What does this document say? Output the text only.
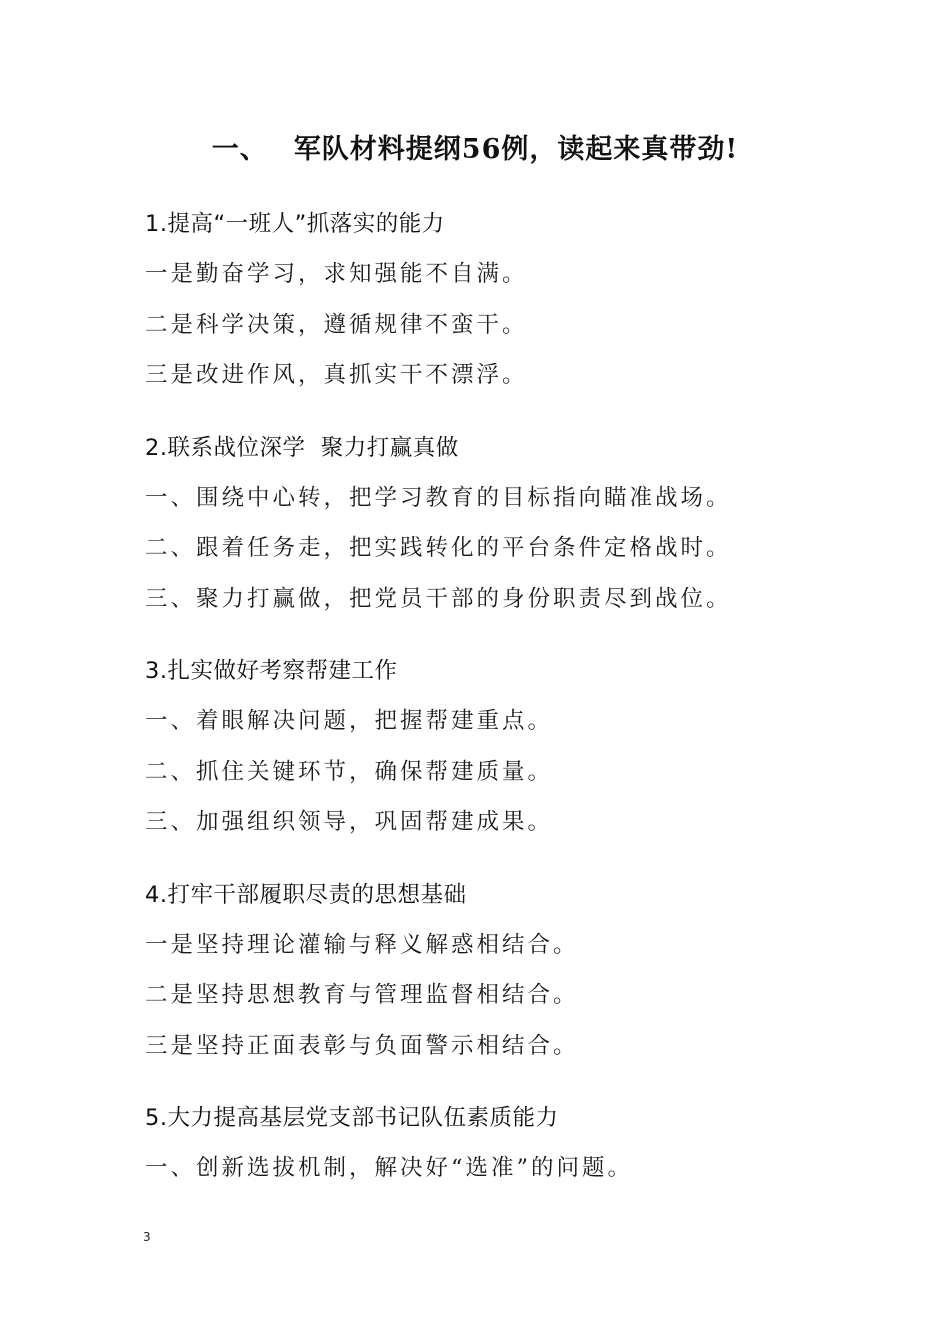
一、 军队材料提纲56例，读起来真带劲!
1.提高“一班人”抓落实的能力
一是勤奋学习，求知强能不自满。
二是科学决策，遵循规律不蛮干。
三是改进作风，真抓实干不漂浮。
2.联系战位深学  聚力打赢真做
一、围绕中心转，把学习教育的目标指向瞄准战场。
二、跟着任务走，把实践转化的平台条件定格战时。
三、聚力打赢做，把党员干部的身份职责尽到战位。
3.扎实做好考察帮建工作
一、着眼解决问题，把握帮建重点。
二、抓住关键环节，确保帮建质量。
三、加强组织领导，巩固帮建成果。
4.打牢干部履职尽责的思想基础
一是坚持理论灌输与释义解惑相结合。
二是坚持思想教育与管理监督相结合。
三是坚持正面表彰与负面警示相结合。
5.大力提高基层党支部书记队伍素质能力
一、创新选拔机制，解决好“选准”的问题。
3
